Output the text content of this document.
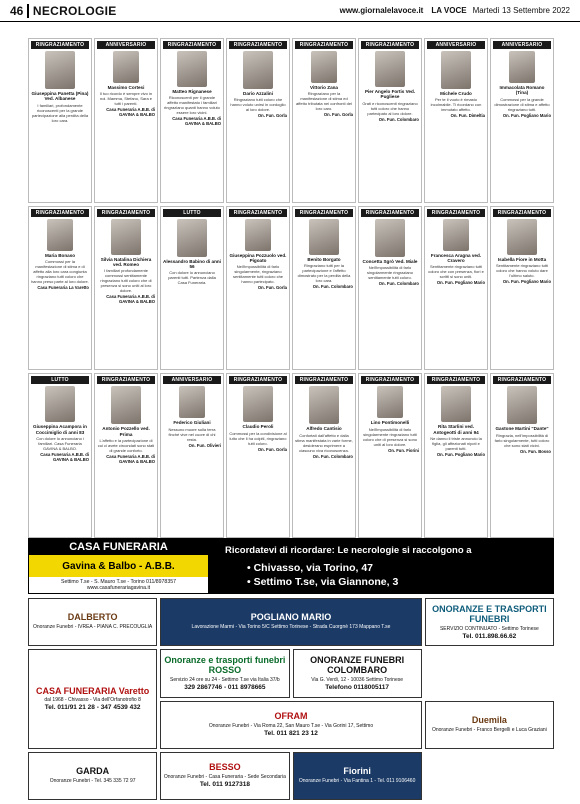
46 NECROLOGIE	www.giornalelavoce.it LA VOCE Martedì 13 Settembre 2022
RINGRAZIAMENTO
Giuseppina Panetta (Pina) Ved. Albanese
I familiari, profondamente riconoscenti per la grande partecipazione alla perdita della loro cara.
RINGRAZIAMENTO
Maria Bonaso
Commossi per la manifestazione di stima e di affetto alla loro cara congiunta ringraziano tutti coloro che hanno preso parte al loro dolore.
Casa Funeraria La Varetto
LUTTO
Giuseppina Acampora in Coccimiglio di anni 83
Con dolore lo annunciano i familiari. Casa Funeraria GAVINA & BALBO.
Casa Funeraria A.B.B. di GAVINA & BALBO
ANNIVERSARIO
Massimo Cortesi
Il tuo ricordo è sempre vivo in noi. Mamma, Stefano, Sara e tutti i parenti.
Casa Funeraria A.B.B. di GAVINA & BALBO
RINGRAZIAMENTO
Silvia Natalina Dichiera ved. Romeo
I familiari profondamente commossi sentitamente ringraziano tutti coloro che di presenza si sono uniti al loro dolore.
Casa Funeraria A.B.B. di GAVINA & BALBO
RINGRAZIAMENTO
Antonio Pozzello ved. Prima
L'affetto e la partecipazione di cui ci avete circondati sono stati di grande conforto.
Casa Funeraria A.B.B. di GAVINA & BALBO
RINGRAZIAMENTO
Matteo Rignanese
Riconoscenti per il grande affetto manifestato i familiari ringraziano quanti hanno voluto essere loro vicini.
Casa Funeraria A.B.B. di GAVINA & BALBO
LUTTO
Alessandro Babino di anni 56
Con dolore lo annunciano parenti tutti. Partenza dalla Casa Funeraria.
ANNIVERSARIO
Federico Giuliani
Nessuno muore sulla terra finché vive nel cuore di chi resta.
On. Fun. Olivieri
RINGRAZIAMENTO
Dario Azzalini
Ringraziano tutti coloro che hanno voluto unirsi in cordoglio al loro dolore.
On. Fun. Gorla
RINGRAZIAMENTO
Giuseppina Pozzuolo ved. Pigoato
Nell'impossibilità di farlo singolarmente, ringraziano sentitamente tutti coloro che hanno partecipato.
On. Fun. Gorla
RINGRAZIAMENTO
Claudio Peroli
Commossi per la condivisione al lutto che li ha colpiti, ringraziano tutti coloro.
On. Fun. Gorla
RINGRAZIAMENTO
Vittorio Zana
Ringraziano per la manifestazione di stima ed affetto tributata nei confronti del loro caro.
On. Fun. Gorla
RINGRAZIAMENTO
Benito Borgato
Ringraziano tutti per la partecipazione e l'affetto dimostrato per la perdita della loro cara.
On. Fun. Colombaro
RINGRAZIAMENTO
Alfredo Cantisio
Confortati dall'affetto e dalla stima manifestata in varie forme, desiderano esprimere a ciascuno viva riconoscenza.
On. Fun. Colombaro
RINGRAZIAMENTO
Pier Angelo Fortis Ved. Pugliese
Grati e riconoscenti ringraziano tutti coloro che hanno partecipato al loro dolore.
On. Fun. Colombaro
RINGRAZIAMENTO
Concetta Sgrò Ved. Miale
Nell'impossibilità di farlo singolarmente ringraziano sentitamente tutti coloro.
On. Fun. Colombaro
RINGRAZIAMENTO
Lino Pontimonelli
Nell'impossibilità di farlo singolarmente ringraziano tutti coloro che di presenza si sono uniti al loro dolore.
On. Fun. Fiorini
ANNIVERSARIO
Michele Crudo
Per te il vuoto è rimasto incolmabile. Ti ricordano con immutato affetto.
On. Fun. Dimeltia
RINGRAZIAMENTO
Francesca Aragna ved. Cravero
Sentitamente ringraziano tutti coloro che con presenza, fiori e scritti si sono uniti.
On. Fun. Pogliano Mario
RINGRAZIAMENTO
Rita Starlini ved. Antogeotti di anni 94
Ne danno il triste annuncio la figlia, gli affezionati nipoti e parenti tutti.
On. Fun. Pogliano Mario
ANNIVERSARIO
Immacolata Romano (Tina)
Commossi per la grande dimostrazione di stima e affetto ringraziano tutti.
On. Fun. Pogliano Mario
RINGRAZIAMENTO
Isabella Fiore in Motta
Sentitamente ringraziano tutti coloro che hanno voluto dare l'ultimo saluto.
On. Fun. Pogliano Mario
RINGRAZIAMENTO
Gastone Martini "Dante"
Ringrazia, nell'impossibilità di farlo singolarmente, tutti coloro che sono stati vicini.
On. Fun. Bosso
CASA FUNERARIA
Gavina & Balbo - A.B.B.
Settimo T.se - S. Mauro T.se - Torino 011/8978357 www.casafunerariagavina.it
Ricordatevi di ricordare: Le necrologie si raccolgono a
• Chivasso, via Torino, 47
• Settimo T.se, via Giannone, 3
DALBERTO
Onoranze Funebri - IVREA - PIANA C. PRECOUGLIA
POGLIANO MARIO
Lavorazione Marmi - Via Torino 5/C Settimo Torinese - Strada Cuorgnè 173 Mappano T.se
ONORANZE E TRASPORTI FUNEBRI
SERVIZIO CONTINUATO - Settimo Torinese
Tel. 011.898.66.62
CASA FUNERARIA Varetto
dal 1968 - Chivasso - Via dell'Orfanotrofio 8
Tel. 011/91 21 28 - 347 4539 432
Onoranze e trasporti funebri ROSSO
Servizio 24 ore su 24 - Settimo T.se via Italia 37/b
329 2867746 - 011 8978665
ONORANZE FUNEBRI COLOMBARO
Via G. Verdi, 12 - 10036 Settimo Torinese
Telefono 0118005117
OFRAM
Onoranze Funebri - Via Roma 22, San Mauro T.se - Via Gorini 17, Settimo
Tel. 011 821 23 12
Duemila
Onoranze Funebri - Franco Bergelli e Luca Graziani
GARDA
Onoranze Funebri - Tel. 345 335 72 97
BESSO
Onoranze Funebri - Casa Funeraria - Sede Secondaria
Tel. 011 9127318
Fiorini
Onoranze Funebri - Via Fantina 1 - Tel. 011 9106460
